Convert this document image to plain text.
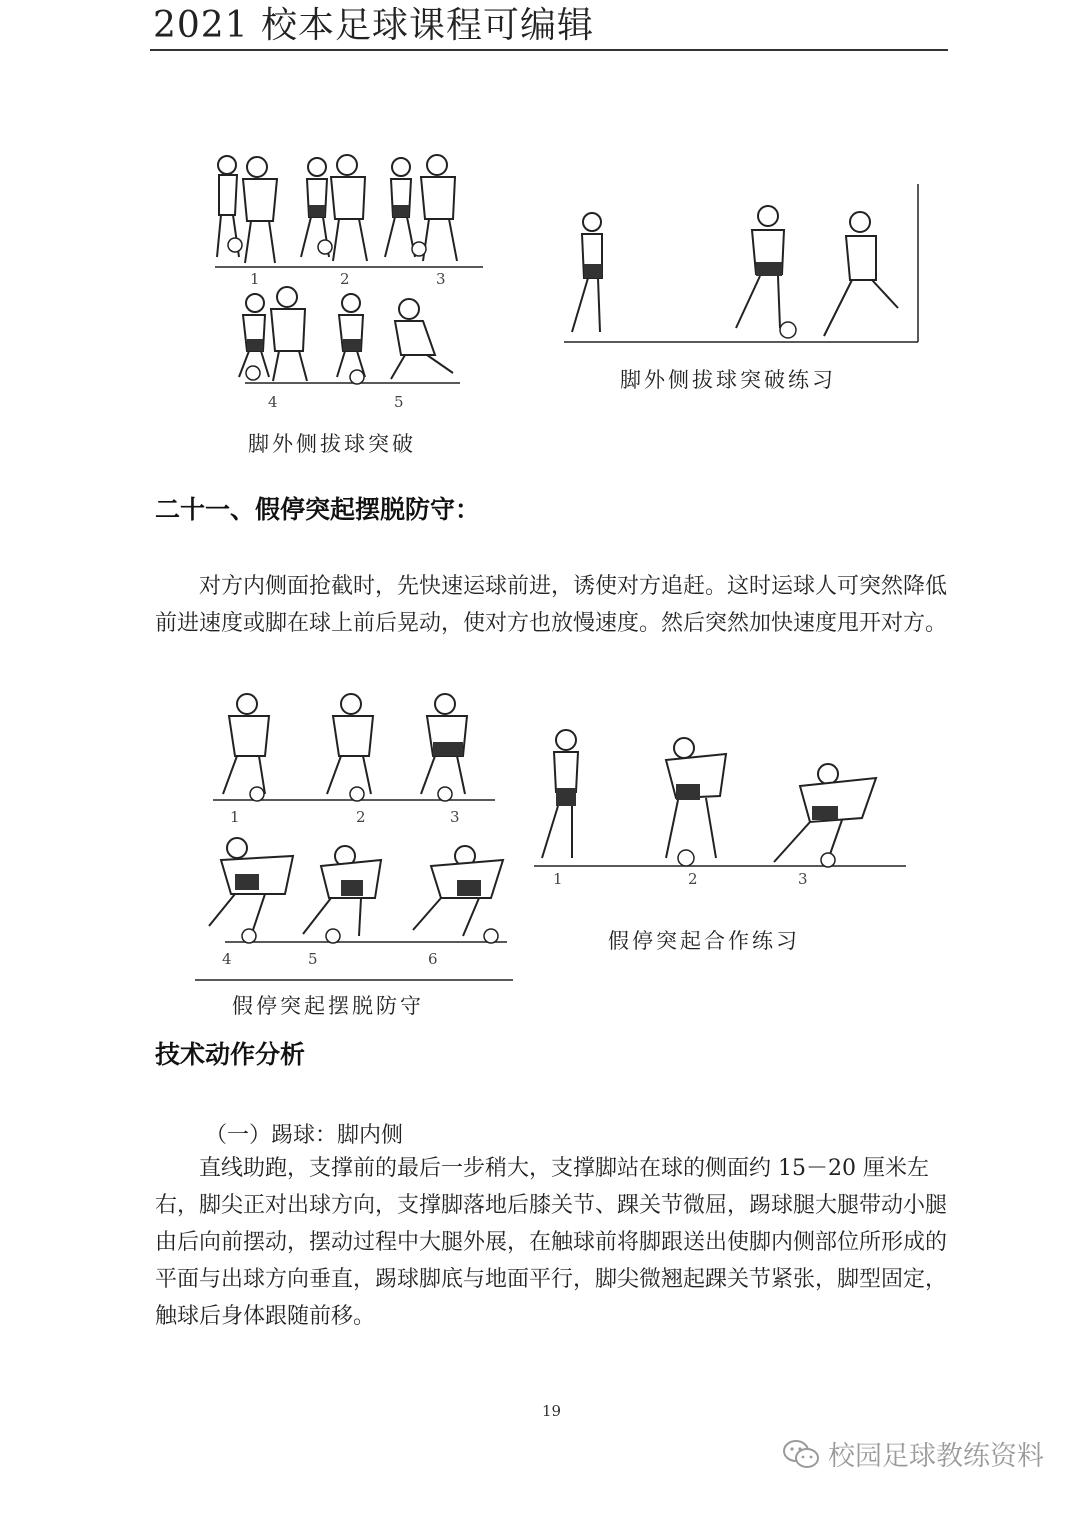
2021 校本足球课程可编辑
1	2	3
4	5
脚外侧拔球突破
脚外侧拔球突破练习
二十一、假停突起摆脱防守：

对方内侧面抢截时，先快速运球前进，诱使对方追赶。这时运球人可突然降低前进速度或脚在球上前后晃动，使对方也放慢速度。然后突然加快速度甩开对方。

1	2	3
4	5	6
假停突起摆脱防守
1	2	3
假停突起合作练习
技术动作分析
（一）踢球：脚内侧

直线助跑，支撑前的最后一步稍大，支撑脚站在球的侧面约 15－20 厘米左右，脚尖正对出球方向，支撑脚落地后膝关节、踝关节微屈，踢球腿大腿带动小腿由后向前摆动，摆动过程中大腿外展，在触球前将脚跟送出使脚内侧部位所形成的平面与出球方向垂直，踢球脚底与地面平行，脚尖微翘起踝关节紧张，脚型固定，触球后身体跟随前移。

19
校园足球教练资料
